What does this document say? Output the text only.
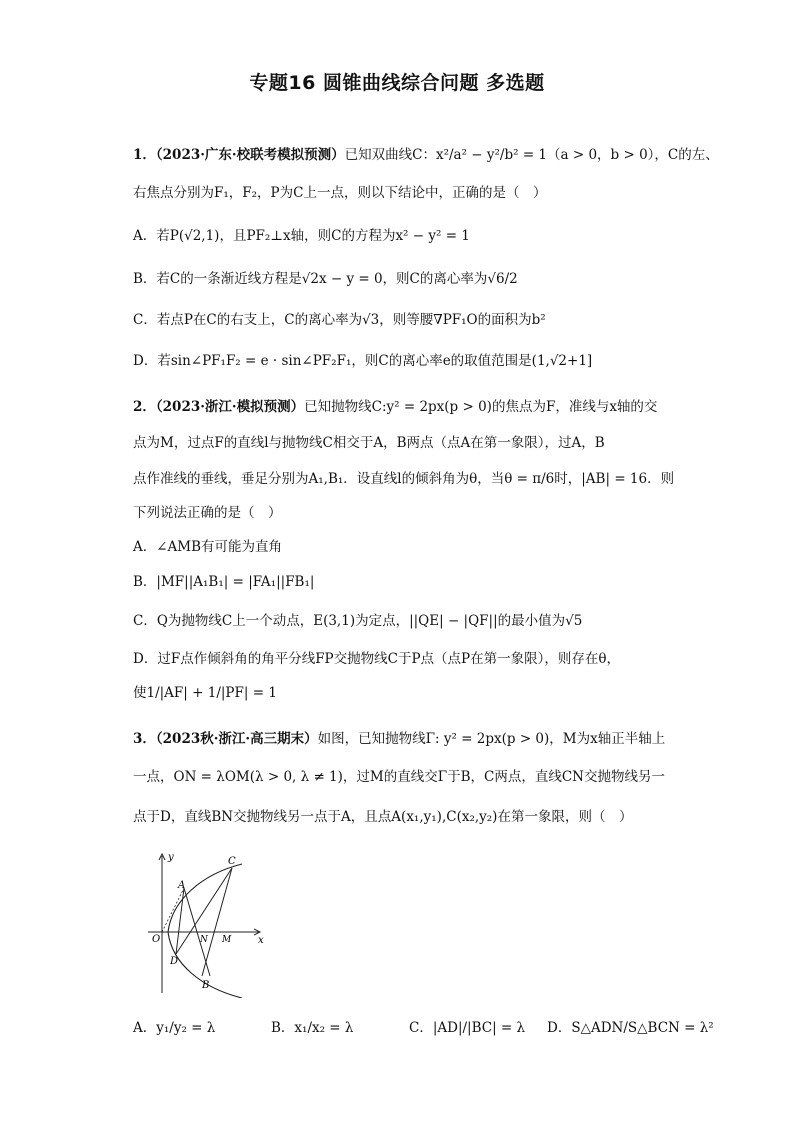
专题16 圆锥曲线综合问题 多选题
1．（2023·广东·校联考模拟预测）已知双曲线C：x²/a² − y²/b² = 1（a > 0，b > 0），C的左、
右焦点分别为F₁，F₂，P为C上一点，则以下结论中，正确的是（　）
A．若P(√2,1)，且PF₂⊥x轴，则C的方程为x² − y² = 1
B．若C的一条渐近线方程是√2x − y = 0，则C的离心率为√6/2
C．若点P在C的右支上，C的离心率为√3，则等腰∇PF₁O的面积为b²
D．若sin∠PF₁F₂ = e · sin∠PF₂F₁，则C的离心率e的取值范围是(1,√2+1]
2．（2023·浙江·模拟预测）已知抛物线C:y² = 2px(p > 0)的焦点为F，准线与x轴的交
点为M，过点F的直线l与抛物线C相交于A，B两点（点A在第一象限），过A，B
点作准线的垂线，垂足分别为A₁,B₁．设直线l的倾斜角为θ，当θ = π/6时，|AB| = 16．则
下列说法正确的是（　）
A．∠AMB有可能为直角
B．|MF||A₁B₁| = |FA₁||FB₁|
C．Q为抛物线C上一个动点，E(3,1)为定点，||QE| − |QF||的最小值为√5
D．过F点作倾斜角的角平分线FP交抛物线C于P点（点P在第一象限），则存在θ，
使1/|AF| + 1/|PF| = 1
3．（2023秋·浙江·高三期末）如图，已知抛物线Γ: y² = 2px(p > 0)，M为x轴正半轴上
一点，ON = λOM(λ > 0, λ ≠ 1)，过M的直线交Γ于B，C两点，直线CN交抛物线另一
点于D，直线BN交抛物线另一点于A，且点A(x₁,y₁),C(x₂,y₂)在第一象限，则（　）
y	C
A
O	N M	x
D
B
A．y₁/y₂ = λ	B．x₁/x₂ = λ	C．|AD|/|BC| = λ D．S△ADN/S△BCN = λ²
